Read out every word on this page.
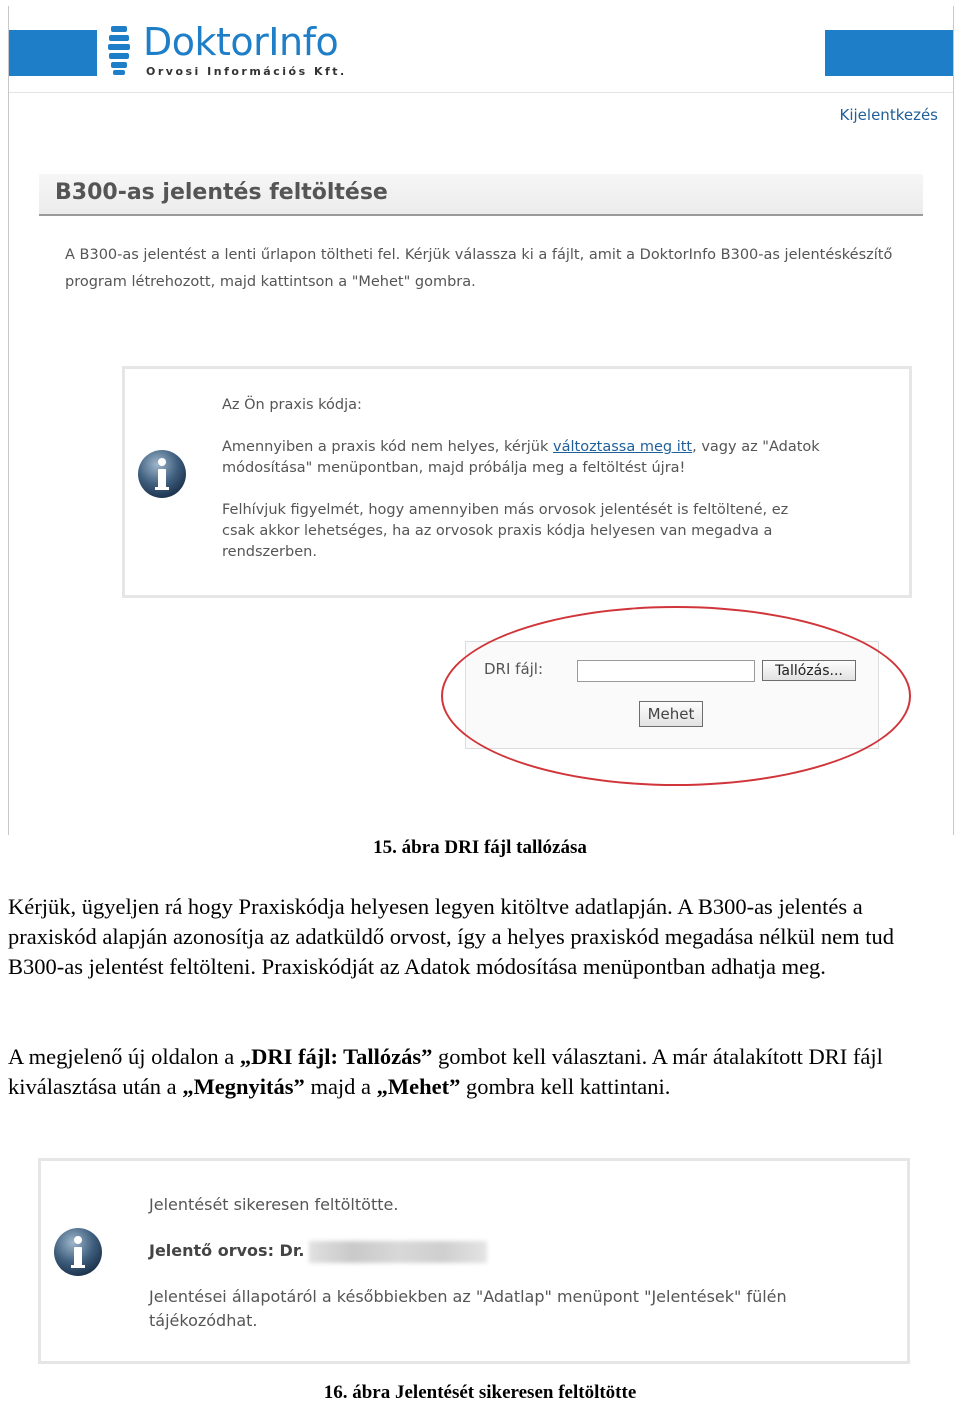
DoktorInfo
Orvosi Információs Kft.
Kijelentkezés
B300-as jelentés feltöltése
A B300-as jelentést a lenti űrlapon töltheti fel. Kérjük válassza ki a fájlt, amit a DoktorInfo B300-as jelentéskészítő program létrehozott, majd kattintson a "Mehet" gombra.

Az Ön praxis kódja:

Amennyiben a praxis kód nem helyes, kérjük változtassa meg itt, vagy az "Adatok módosítása" menüpontban, majd próbálja meg a feltöltést újra!

Felhívjuk figyelmét, hogy amennyiben más orvosok jelentését is feltöltené, ez csak akkor lehetséges, ha az orvosok praxis kódja helyesen van megadva a rendszerben.

DRI fájl:	Tallózás...
Mehet
15. ábra DRI fájl tallózása

Kérjük, ügyeljen rá hogy Praxiskódja helyesen legyen kitöltve adatlapján. A B300-as jelentés a praxiskód alapján azonosítja az adatküldő orvost, így a helyes praxiskód megadása nélkül nem tud B300-as jelentést feltölteni. Praxiskódját az Adatok módosítása menüpontban adhatja meg.

A megjelenő új oldalon a „DRI fájl: Tallózás” gombot kell választani. A már átalakított DRI fájl kiválasztása után a „Megnyitás” majd a „Mehet” gombra kell kattintani.

Jelentését sikeresen feltöltötte.

Jelentő orvos: Dr.

Jelentései állapotáról a későbbiekben az "Adatlap" menüpont "Jelentések" fülén tájékozódhat.

16. ábra Jelentését sikeresen feltöltötte
